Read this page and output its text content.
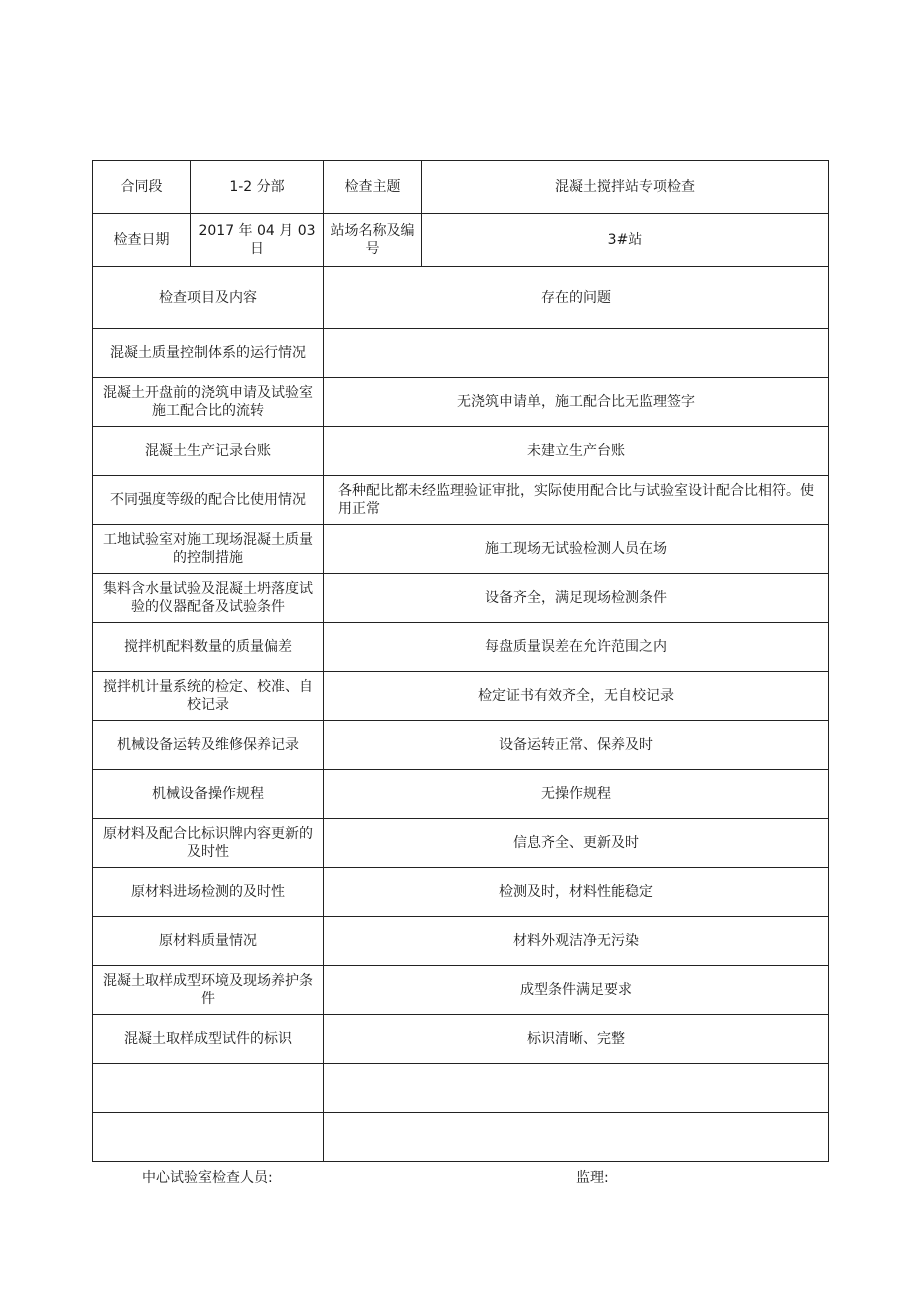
合同段	1-2 分部	检查主题	混凝土搅拌站专项检查
检查日期	2017 年 04 月 03 日	站场名称及编号	3#站
检查项目及内容		存在的问题	
混凝土质量控制体系的运行情况			
混凝土开盘前的浇筑申请及试验室施工配合比的流转		无浇筑申请单，施工配合比无监理签字	
混凝土生产记录台账		未建立生产台账	
不同强度等级的配合比使用情况		各种配比都未经监理验证审批，实际使用配合比与试验室设计配合比相符。使用正常	
工地试验室对施工现场混凝土质量的控制措施		施工现场无试验检测人员在场	
集料含水量试验及混凝土坍落度试验的仪器配备及试验条件		设备齐全，满足现场检测条件	
搅拌机配料数量的质量偏差		每盘质量误差在允许范围之内	
搅拌机计量系统的检定、校准、自校记录		检定证书有效齐全，无自校记录	
机械设备运转及维修保养记录		设备运转正常、保养及时	
机械设备操作规程		无操作规程	
原材料及配合比标识牌内容更新的及时性		信息齐全、更新及时	
原材料进场检测的及时性		检测及时，材料性能稳定	
原材料质量情况		材料外观洁净无污染	
混凝土取样成型环境及现场养护条件		成型条件满足要求	
混凝土取样成型试件的标识		标识清晰、完整	

中心试验室检查人员:	监理:
